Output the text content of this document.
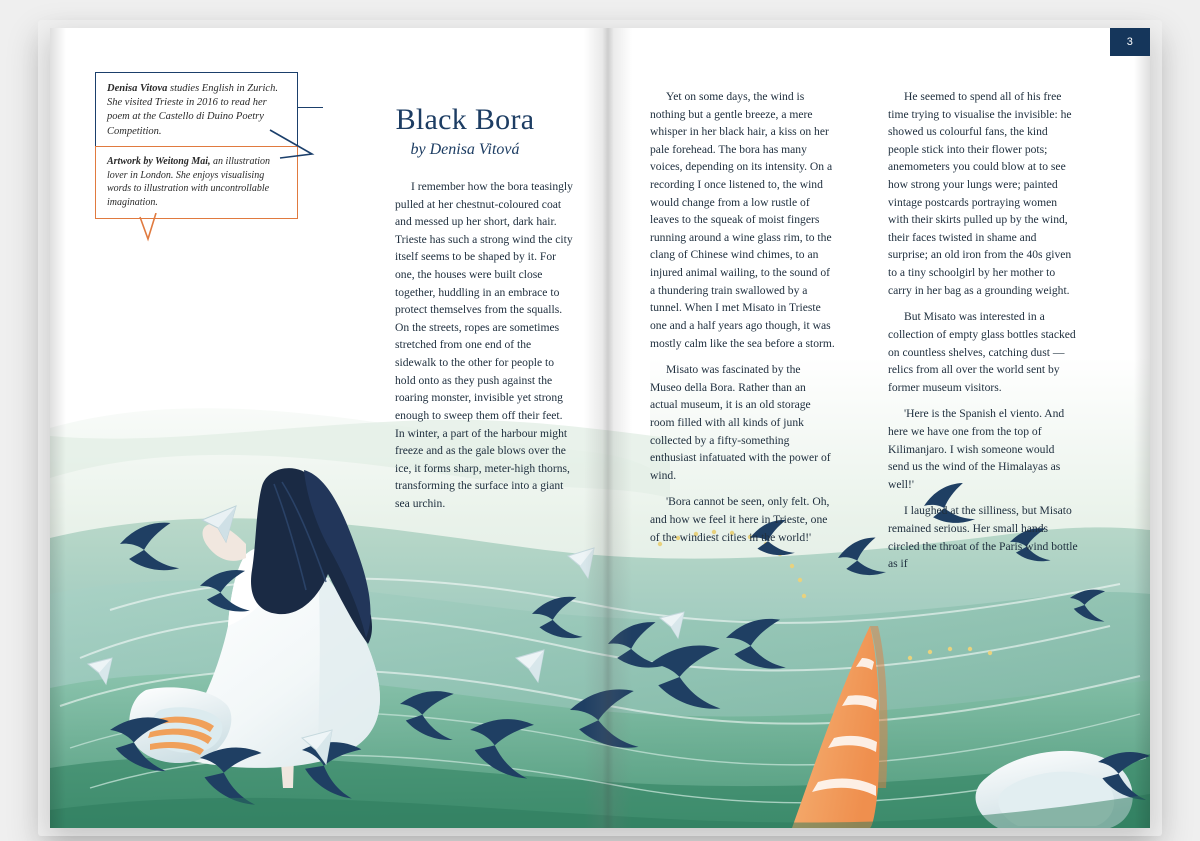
Denisa Vitova studies English in Zurich. She visited Trieste in 2016 to read her poem at the Castello di Duino Poetry Competition.
Artwork by Weitong Mai, an illustration lover in London. She enjoys visualising words to illustration with uncontrollable imagination.
Black Bora
by Denisa Vitová

I remember how the bora teasingly pulled at her chestnut-coloured coat and messed up her short, dark hair. Trieste has such a strong wind the city itself seems to be shaped by it. For one, the houses were built close together, huddling in an embrace to protect themselves from the squalls. On the streets, ropes are sometimes stretched from one end of the sidewalk to the other for people to hold onto as they push against the roaring monster, invisible yet strong enough to sweep them off their feet. In winter, a part of the harbour might freeze and as the gale blows over the ice, it forms sharp, meter-high thorns, transforming the surface into a giant sea urchin.

3

Yet on some days, the wind is nothing but a gentle breeze, a mere whisper in her black hair, a kiss on her pale forehead. The bora has many voices, depending on its intensity. On a recording I once listened to, the wind would change from a low rustle of leaves to the squeak of moist fingers running around a wine glass rim, to the clang of Chinese wind chimes, to an injured animal wailing, to the sound of a thundering train swallowed by a tunnel. When I met Misato in Trieste one and a half years ago though, it was mostly calm like the sea before a storm.

Misato was fascinated by the Museo della Bora. Rather than an actual museum, it is an old storage room filled with all kinds of junk collected by a fifty-something enthusiast infatuated with the power of wind.

'Bora cannot be seen, only felt. Oh, and how we feel it here in Trieste, one of the windiest cities in the world!'

He seemed to spend all of his free time trying to visualise the invisible: he showed us colourful fans, the kind people stick into their flower pots; anemometers you could blow at to see how strong your lungs were; painted vintage postcards portraying women with their skirts pulled up by the wind, their faces twisted in shame and surprise; an old iron from the 40s given to a tiny schoolgirl by her mother to carry in her bag as a grounding weight.

But Misato was interested in a collection of empty glass bottles stacked on countless shelves, catching dust — relics from all over the world sent by former museum visitors.

'Here is the Spanish el viento. And here we have one from the top of Kilimanjaro. I wish someone would send us the wind of the Himalayas as well!'

I laughed at the silliness, but Misato remained serious. Her small hands circled the throat of the Paris wind bottle as if
